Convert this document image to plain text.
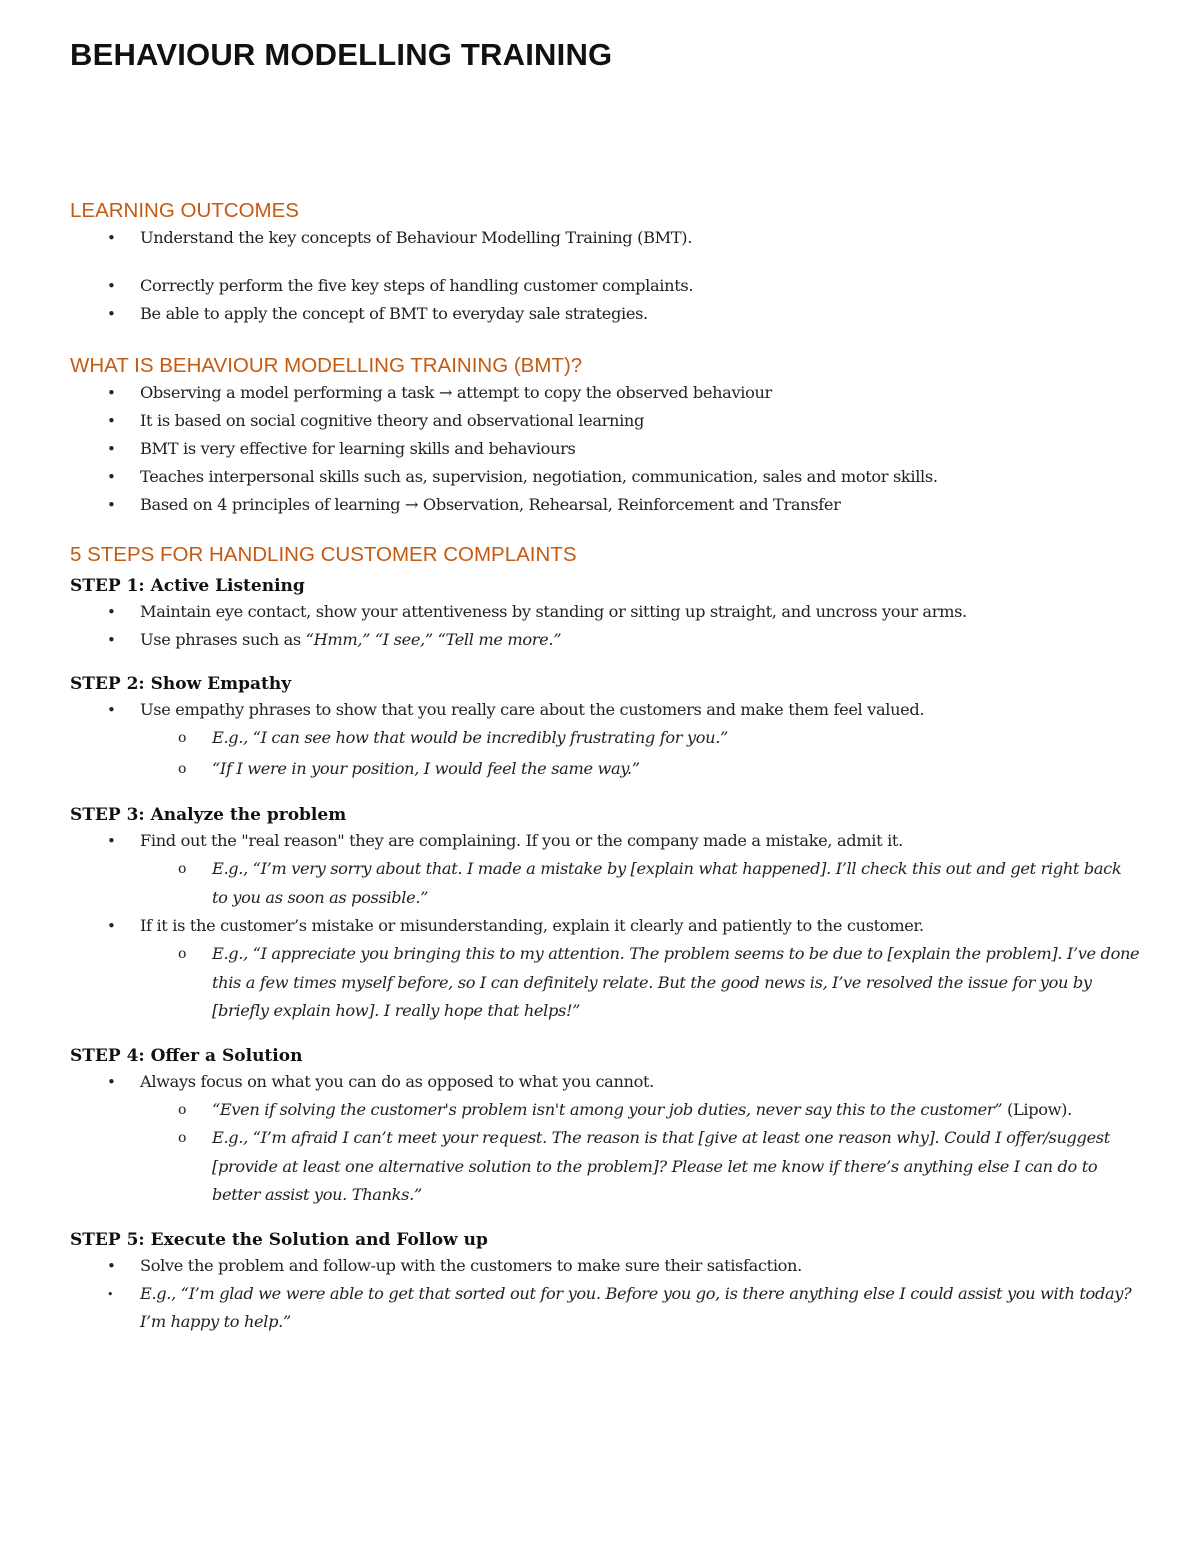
BEHAVIOUR MODELLING TRAINING
LEARNING OUTCOMES
• Understand the key concepts of Behaviour Modelling Training (BMT).
• Correctly perform the five key steps of handling customer complaints.
• Be able to apply the concept of BMT to everyday sale strategies.
WHAT IS BEHAVIOUR MODELLING TRAINING (BMT)?
• Observing a model performing a task → attempt to copy the observed behaviour
• It is based on social cognitive theory and observational learning
• BMT is very effective for learning skills and behaviours
• Teaches interpersonal skills such as, supervision, negotiation, communication, sales and motor skills.
• Based on 4 principles of learning → Observation, Rehearsal, Reinforcement and Transfer
5 STEPS FOR HANDLING CUSTOMER COMPLAINTS
STEP 1: Active Listening
• Maintain eye contact, show your attentiveness by standing or sitting up straight, and uncross your arms.
• Use phrases such as “Hmm,” “I see,” “Tell me more.”
STEP 2: Show Empathy
• Use empathy phrases to show that you really care about the customers and make them feel valued.
o E.g., “I can see how that would be incredibly frustrating for you.”
o “If I were in your position, I would feel the same way.”
STEP 3: Analyze the problem
• Find out the "real reason" they are complaining. If you or the company made a mistake, admit it.
o E.g., “I’m very sorry about that. I made a mistake by [explain what happened]. I’ll check this out and get right back to you as soon as possible.”
• If it is the customer’s mistake or misunderstanding, explain it clearly and patiently to the customer.
o E.g., “I appreciate you bringing this to my attention. The problem seems to be due to [explain the problem]. I’ve done this a few times myself before, so I can definitely relate. But the good news is, I’ve resolved the issue for you by [briefly explain how]. I really hope that helps!”
STEP 4: Offer a Solution
• Always focus on what you can do as opposed to what you cannot.
o “Even if solving the customer's problem isn't among your job duties, never say this to the customer” (Lipow).
o E.g., “I’m afraid I can’t meet your request. The reason is that [give at least one reason why]. Could I offer/suggest [provide at least one alternative solution to the problem]? Please let me know if there’s anything else I can do to better assist you. Thanks.”
STEP 5: Execute the Solution and Follow up
• Solve the problem and follow-up with the customers to make sure their satisfaction.
• E.g., “I’m glad we were able to get that sorted out for you. Before you go, is there anything else I could assist you with today? I’m happy to help.”
